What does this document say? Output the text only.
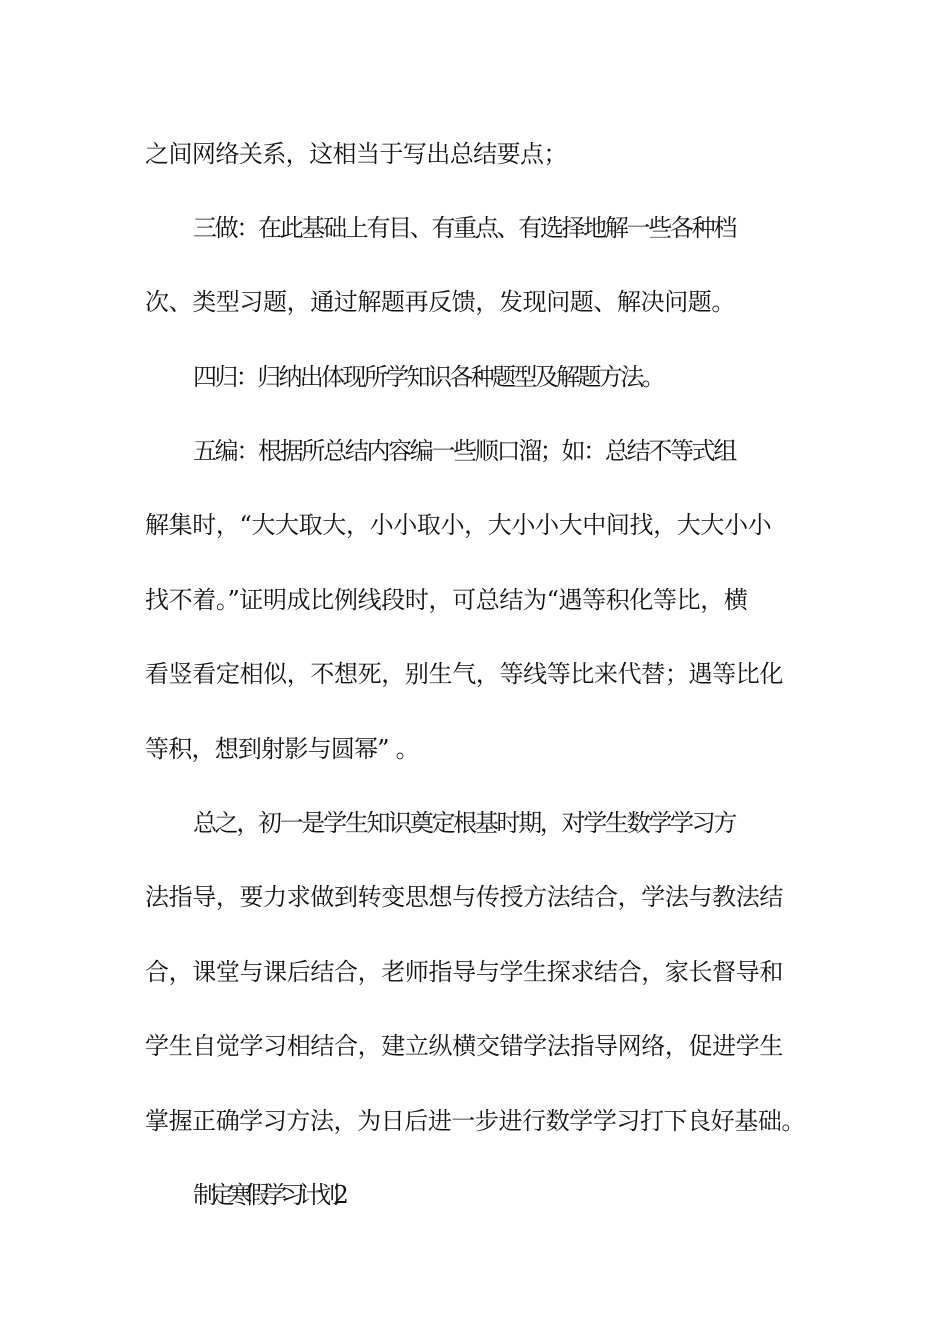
之间网络关系，这相当于写出总结要点；
三做：在此基础上有目、有重点、有选择地解一些各种档
次、类型习题，通过解题再反馈，发现问题、解决问题。
四归：归纳出体现所学知识各种题型及解题方法。
五编：根据所总结内容编一些顺口溜；如：总结不等式组
解集时，“大大取大，小小取小，大小小大中间找，大大小小
找不着。”证明成比例线段时，可总结为“遇等积化等比，横
看竖看定相似，不想死，别生气，等线等比来代替；遇等比化
等积，想到射影与圆幂” 。
总之，初一是学生知识奠定根基时期，对学生数学学习方
法指导，要力求做到转变思想与传授方法结合，学法与教法结
合，课堂与课后结合，老师指导与学生探求结合，家长督导和
学生自觉学习相结合，建立纵横交错学法指导网络，促进学生
掌握正确学习方法，为日后进一步进行数学学习打下良好基础。
制定寒假学习计划2
